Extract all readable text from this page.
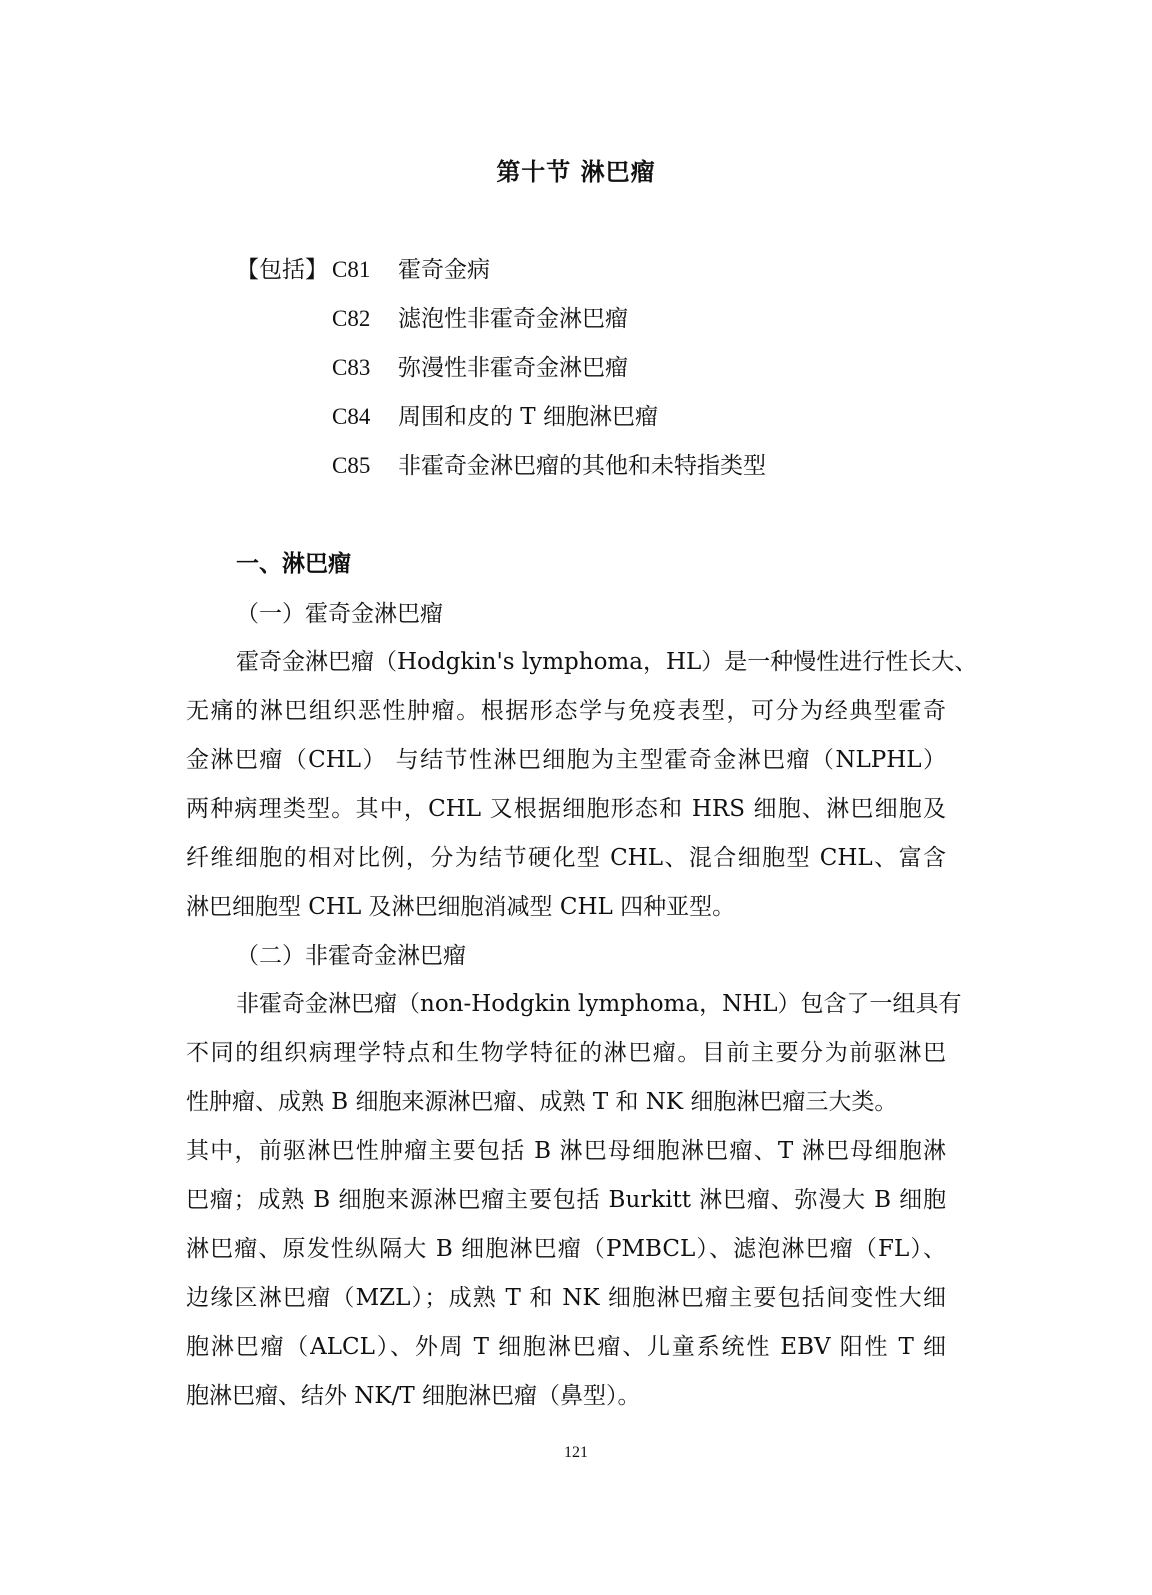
第十节 淋巴瘤
【包括】 C81 霍奇金病
C82 滤泡性非霍奇金淋巴瘤
C83 弥漫性非霍奇金淋巴瘤
C84 周围和皮的 T 细胞淋巴瘤
C85 非霍奇金淋巴瘤的其他和未特指类型
一、淋巴瘤
（一）霍奇金淋巴瘤
霍奇金淋巴瘤（Hodgkin's lymphoma，HL）是一种慢性进行性长大、
无痛的淋巴组织恶性肿瘤。根据形态学与免疫表型，可分为经典型霍奇
金淋巴瘤（CHL） 与结节性淋巴细胞为主型霍奇金淋巴瘤（NLPHL）
两种病理类型。其中，CHL 又根据细胞形态和 HRS 细胞、淋巴细胞及
纤维细胞的相对比例，分为结节硬化型 CHL、混合细胞型 CHL、富含
淋巴细胞型 CHL 及淋巴细胞消减型 CHL 四种亚型。
（二）非霍奇金淋巴瘤
非霍奇金淋巴瘤（non-Hodgkin lymphoma，NHL）包含了一组具有
不同的组织病理学特点和生物学特征的淋巴瘤。目前主要分为前驱淋巴
性肿瘤、成熟 B 细胞来源淋巴瘤、成熟 T 和 NK 细胞淋巴瘤三大类。
其中，前驱淋巴性肿瘤主要包括 B 淋巴母细胞淋巴瘤、T 淋巴母细胞淋
巴瘤；成熟 B 细胞来源淋巴瘤主要包括 Burkitt 淋巴瘤、弥漫大 B 细胞
淋巴瘤、原发性纵隔大 B 细胞淋巴瘤（PMBCL）、滤泡淋巴瘤（FL）、
边缘区淋巴瘤（MZL）；成熟 T 和 NK 细胞淋巴瘤主要包括间变性大细
胞淋巴瘤（ALCL）、外周 T 细胞淋巴瘤、儿童系统性 EBV 阳性 T 细
胞淋巴瘤、结外 NK/T 细胞淋巴瘤（鼻型）。
121
